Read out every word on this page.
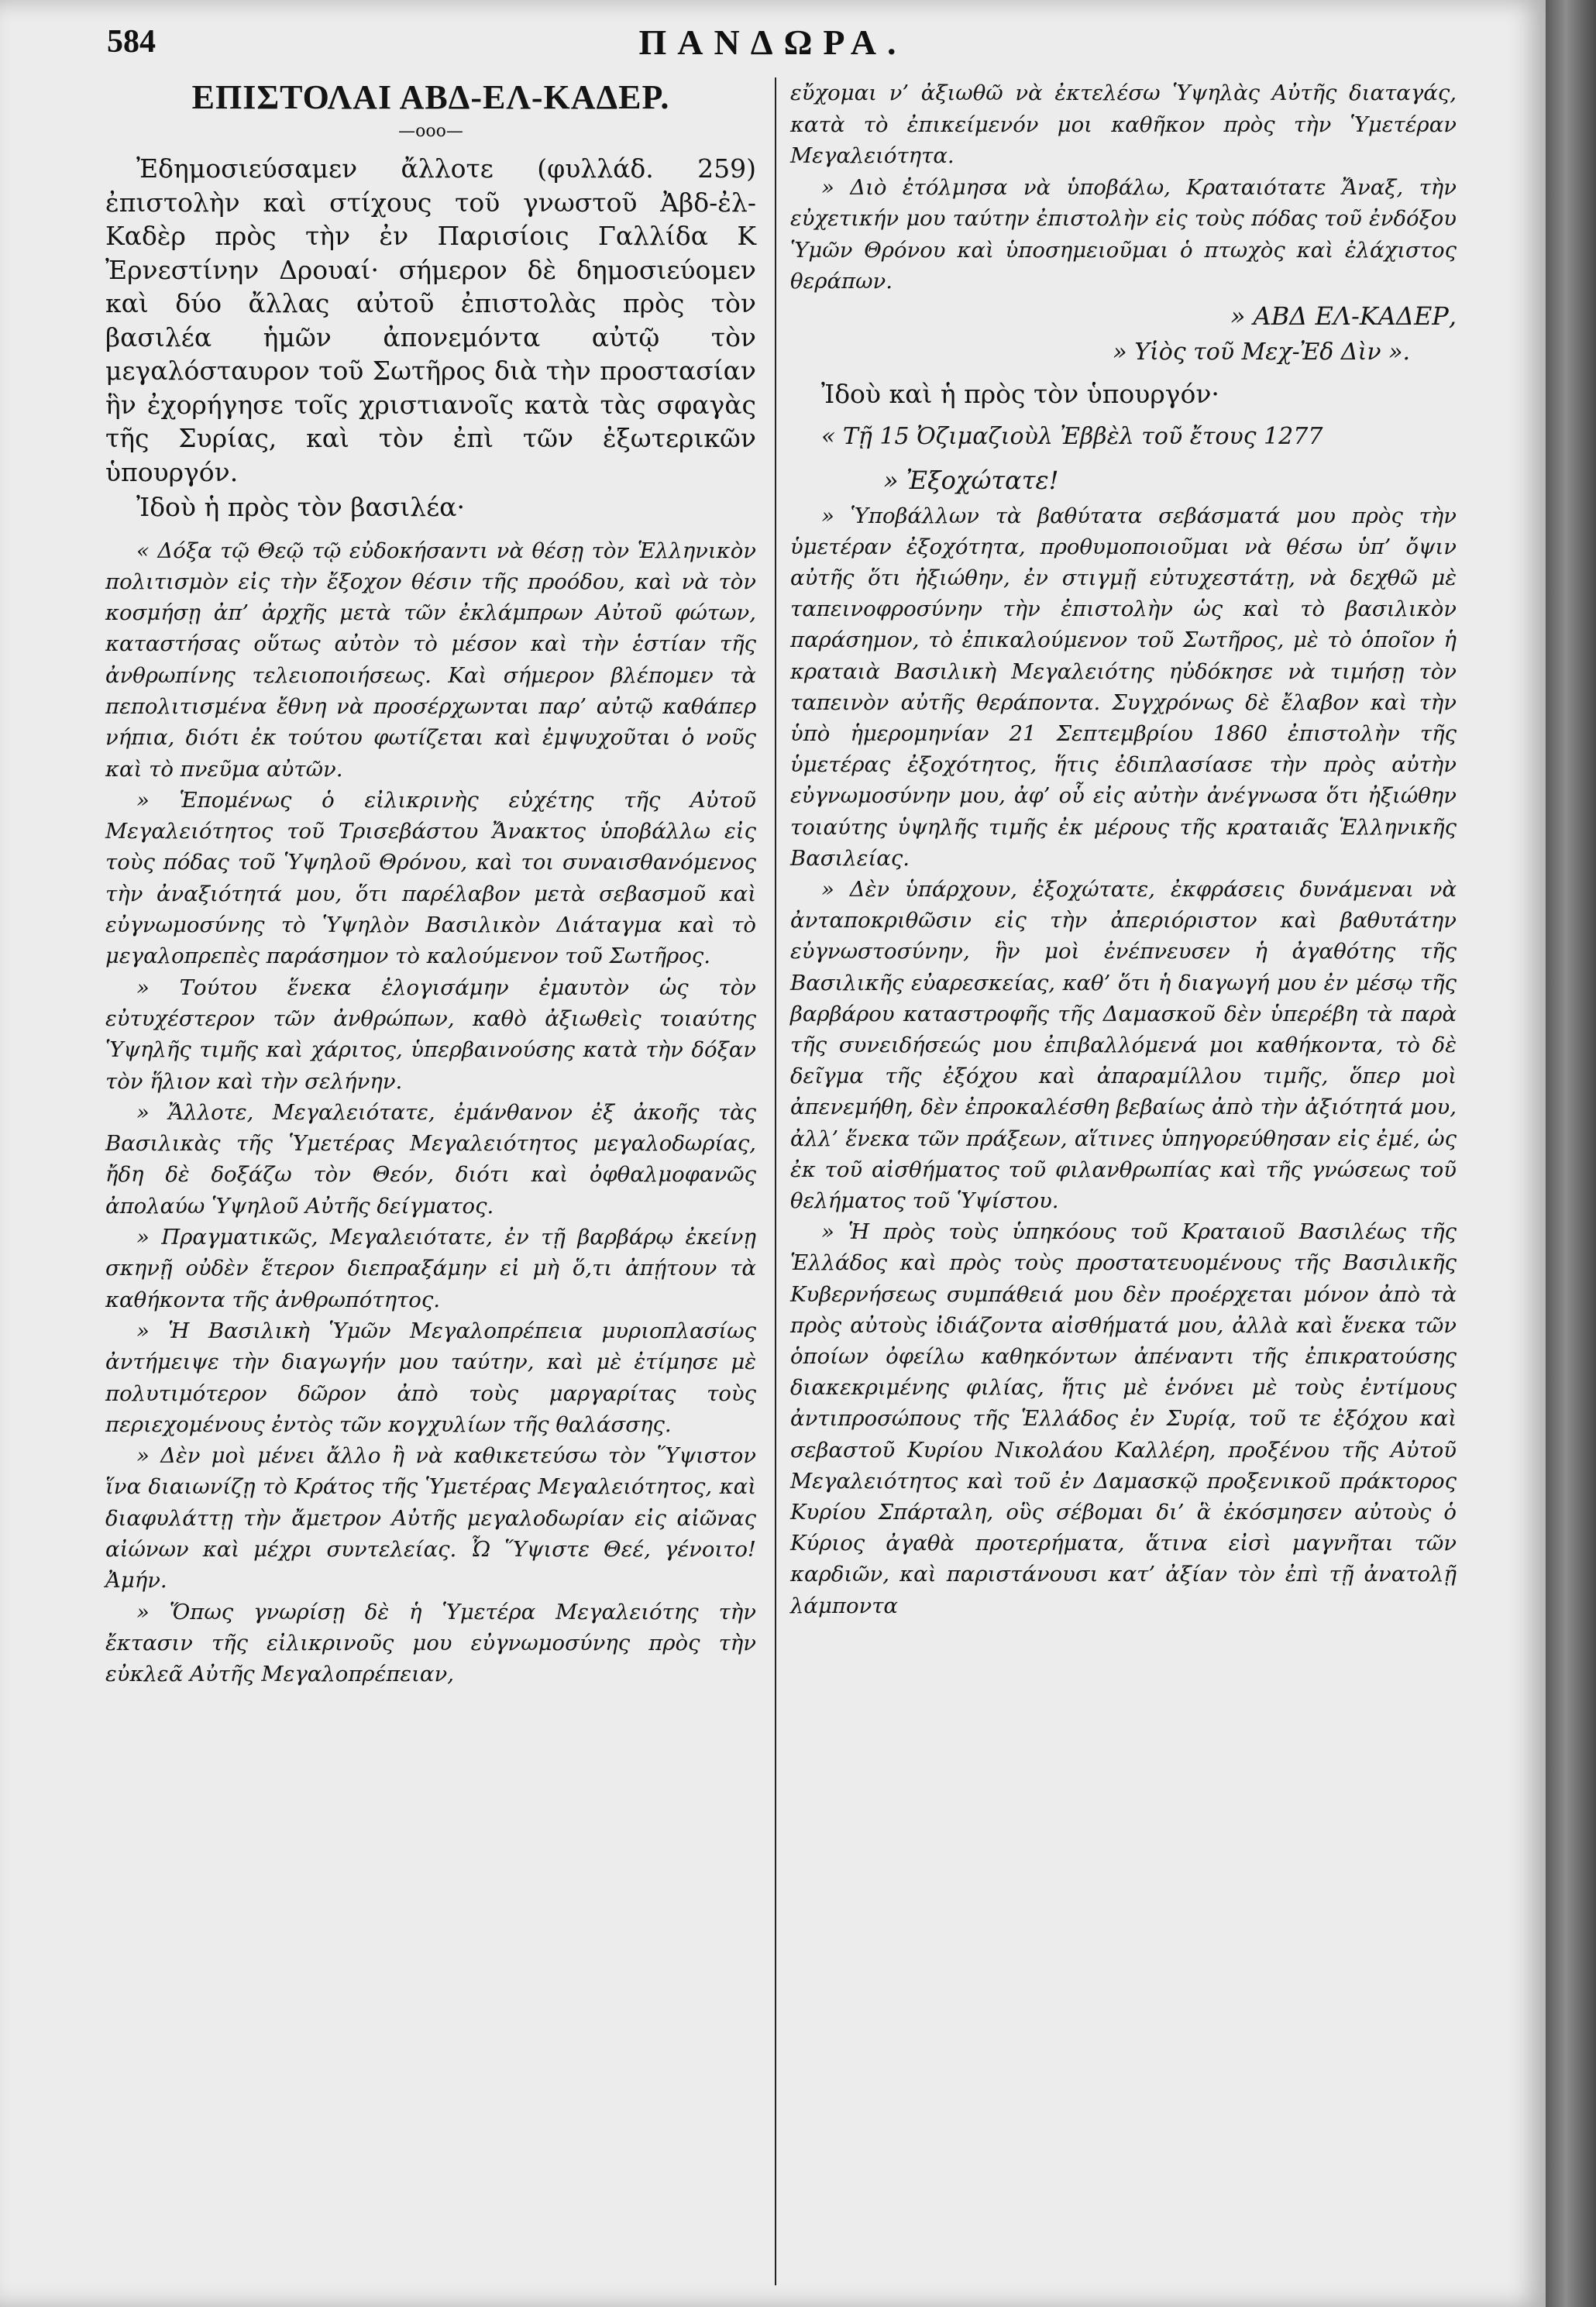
584	ΠΑΝΔΩΡΑ.
ΕΠΙΣΤΟΛΑΙ ΑΒΔ-ΕΛ-ΚΑΔΕΡ.
—οοο—

Ἐδημοσιεύσαμεν ἄλλοτε (φυλλάδ. 259) ἐπιστολὴν καὶ στίχους τοῦ γνωστοῦ Ἀβδ-ἐλ-Καδὲρ πρὸς τὴν ἐν Παρισίοις Γαλλίδα Κ Ἐρνεστίνην Δρουαί· σήμερον δὲ δημοσιεύομεν καὶ δύο ἄλλας αὐτοῦ ἐπιστολὰς πρὸς τὸν βασιλέα ἡμῶν ἀπονεμόντα αὐτῷ τὸν μεγαλόσταυρον τοῦ Σωτῆρος διὰ τὴν προστασίαν ἣν ἐχορήγησε τοῖς χριστιανοῖς κατὰ τὰς σφαγὰς τῆς Συρίας, καὶ τὸν ἐπὶ τῶν ἐξωτερικῶν ὑπουργόν.

Ἰδοὺ ἡ πρὸς τὸν βασιλέα·

« Δόξα τῷ Θεῷ τῷ εὐδοκήσαντι νὰ θέσῃ τὸν Ἑλληνικὸν πολιτισμὸν εἰς τὴν ἔξοχον θέσιν τῆς προόδου, καὶ νὰ τὸν κοσμήσῃ ἀπ’ ἀρχῆς μετὰ τῶν ἐκλάμπρων Αὐτοῦ φώτων, καταστήσας οὕτως αὐτὸν τὸ μέσον καὶ τὴν ἑστίαν τῆς ἀνθρωπίνης τελειοποιήσεως. Καὶ σήμερον βλέπομεν τὰ πεπολιτισμένα ἔθνη νὰ προσέρχωνται παρ’ αὐτῷ καθάπερ νήπια, διότι ἐκ τούτου φωτίζεται καὶ ἐμψυχοῦται ὁ νοῦς καὶ τὸ πνεῦμα αὐτῶν.

» Ἑπομένως ὁ εἰλικρινὴς εὐχέτης τῆς Αὐτοῦ Μεγαλειότητος τοῦ Τρισεβάστου Ἄνακτος ὑποβάλλω εἰς τοὺς πόδας τοῦ Ὑψηλοῦ Θρόνου, καὶ τοι συναισθανόμενος τὴν ἀναξιότητά μου, ὅτι παρέλαβον μετὰ σεβασμοῦ καὶ εὐγνωμοσύνης τὸ Ὑψηλὸν Βασιλικὸν Διάταγμα καὶ τὸ μεγαλοπρεπὲς παράσημον τὸ καλούμενον τοῦ Σωτῆρος.

» Τούτου ἕνεκα ἐλογισάμην ἐμαυτὸν ὡς τὸν εὐτυχέστερον τῶν ἀνθρώπων, καθὸ ἀξιωθεὶς τοιαύτης Ὑψηλῆς τιμῆς καὶ χάριτος, ὑπερβαινούσης κατὰ τὴν δόξαν τὸν ἥλιον καὶ τὴν σελήνην.

» Ἄλλοτε, Μεγαλειότατε, ἐμάνθανον ἐξ ἀκοῆς τὰς Βασιλικὰς τῆς Ὑμετέρας Μεγαλειότητος μεγαλοδωρίας, ἤδη δὲ δοξάζω τὸν Θεόν, διότι καὶ ὀφθαλμοφανῶς ἀπολαύω Ὑψηλοῦ Αὐτῆς δείγματος.

» Πραγματικῶς, Μεγαλειότατε, ἐν τῇ βαρβάρῳ ἐκείνῃ σκηνῇ οὐδὲν ἕτερον διεπραξάμην εἰ μὴ ὅ,τι ἀπῄτουν τὰ καθήκοντα τῆς ἀνθρωπότητος.

» Ἡ Βασιλικὴ Ὑμῶν Μεγαλοπρέπεια μυριοπλασίως ἀντήμειψε τὴν διαγωγήν μου ταύτην, καὶ μὲ ἐτίμησε μὲ πολυτιμότερον δῶρον ἀπὸ τοὺς μαργαρίτας τοὺς περιεχομένους ἐντὸς τῶν κογχυλίων τῆς θαλάσσης.

» Δὲν μοὶ μένει ἄλλο ἢ νὰ καθικετεύσω τὸν Ὕψιστον ἵνα διαιωνίζῃ τὸ Κράτος τῆς Ὑμετέρας Μεγαλειότητος, καὶ διαφυλάττῃ τὴν ἄμετρον Αὐτῆς μεγαλοδωρίαν εἰς αἰῶνας αἰώνων καὶ μέχρι συντελείας. Ὦ Ὕψιστε Θεέ, γένοιτο! Ἀμήν.

» Ὅπως γνωρίσῃ δὲ ἡ Ὑμετέρα Μεγαλειότης τὴν ἔκτασιν τῆς εἰλικρινοῦς μου εὐγνωμοσύνης πρὸς τὴν εὐκλεᾶ Αὐτῆς Μεγαλοπρέπειαν,

εὔχομαι ν’ ἀξιωθῶ νὰ ἐκτελέσω Ὑψηλὰς Αὐτῆς διαταγάς, κατὰ τὸ ἐπικείμενόν μοι καθῆκον πρὸς τὴν Ὑμετέραν Μεγαλειότητα.

» Διὸ ἐτόλμησα νὰ ὑποβάλω, Κραταιότατε Ἄναξ, τὴν εὐχετικήν μου ταύτην ἐπιστολὴν εἰς τοὺς πόδας τοῦ ἐνδόξου Ὑμῶν Θρόνου καὶ ὑποσημειοῦμαι ὁ πτωχὸς καὶ ἐλάχιστος θεράπων.

» ΑΒΔ ΕΛ-ΚΑΔΕΡ,
» Υἱὸς τοῦ Μεχ-Ἐδ Δὶν ».

Ἰδοὺ καὶ ἡ πρὸς τὸν ὑπουργόν·

« Τῇ 15 Ὀζιμαζιοὺλ Ἐββὲλ τοῦ ἔτους 1277

» Ἐξοχώτατε!

» Ὑποβάλλων τὰ βαθύτατα σεβάσματά μου πρὸς τὴν ὑμετέραν ἐξοχότητα, προθυμοποιοῦμαι νὰ θέσω ὑπ’ ὄψιν αὐτῆς ὅτι ἠξιώθην, ἐν στιγμῇ εὐτυχεστάτῃ, νὰ δεχθῶ μὲ ταπεινοφροσύνην τὴν ἐπιστολὴν ὡς καὶ τὸ βασιλικὸν παράσημον, τὸ ἐπικαλούμενον τοῦ Σωτῆρος, μὲ τὸ ὁποῖον ἡ κραταιὰ Βασιλικὴ Μεγαλειότης ηὐδόκησε νὰ τιμήσῃ τὸν ταπεινὸν αὐτῆς θεράποντα. Συγχρόνως δὲ ἔλαβον καὶ τὴν ὑπὸ ἡμερομηνίαν 21 Σεπτεμβρίου 1860 ἐπιστολὴν τῆς ὑμετέρας ἐξοχότητος, ἥτις ἐδιπλασίασε τὴν πρὸς αὐτὴν εὐγνωμοσύνην μου, ἀφ’ οὗ εἰς αὐτὴν ἀνέγνωσα ὅτι ἠξιώθην τοιαύτης ὑψηλῆς τιμῆς ἐκ μέρους τῆς κραταιᾶς Ἑλληνικῆς Βασιλείας.

» Δὲν ὑπάρχουν, ἐξοχώτατε, ἐκφράσεις δυνάμεναι νὰ ἀνταποκριθῶσιν εἰς τὴν ἀπεριόριστον καὶ βαθυτάτην εὐγνωστοσύνην, ἣν μοὶ ἐνέπνευσεν ἡ ἀγαθότης τῆς Βασιλικῆς εὐαρεσκείας, καθ’ ὅτι ἡ διαγωγή μου ἐν μέσῳ τῆς βαρβάρου καταστροφῆς τῆς Δαμασκοῦ δὲν ὑπερέβη τὰ παρὰ τῆς συνειδήσεώς μου ἐπιβαλλόμενά μοι καθήκοντα, τὸ δὲ δεῖγμα τῆς ἐξόχου καὶ ἀπαραμίλλου τιμῆς, ὅπερ μοὶ ἀπενεμήθη, δὲν ἐπροκαλέσθη βεβαίως ἀπὸ τὴν ἀξιότητά μου, ἀλλ’ ἕνεκα τῶν πράξεων, αἵτινες ὑπηγορεύθησαν εἰς ἐμέ, ὡς ἐκ τοῦ αἰσθήματος τοῦ φιλανθρωπίας καὶ τῆς γνώσεως τοῦ θελήματος τοῦ Ὑψίστου.

» Ἡ πρὸς τοὺς ὑπηκόους τοῦ Κραταιοῦ Βασιλέως τῆς Ἑλλάδος καὶ πρὸς τοὺς προστατευομένους τῆς Βασιλικῆς Κυβερνήσεως συμπάθειά μου δὲν προέρχεται μόνον ἀπὸ τὰ πρὸς αὐτοὺς ἰδιάζοντα αἰσθήματά μου, ἀλλὰ καὶ ἕνεκα τῶν ὁποίων ὀφείλω καθηκόντων ἀπέναντι τῆς ἐπικρατούσης διακεκριμένης φιλίας, ἥτις μὲ ἑνόνει μὲ τοὺς ἐντίμους ἀντιπροσώπους τῆς Ἑλλάδος ἐν Συρίᾳ, τοῦ τε ἐξόχου καὶ σεβαστοῦ Κυρίου Νικολάου Καλλέρη, προξένου τῆς Αὐτοῦ Μεγαλειότητος καὶ τοῦ ἐν Δαμασκῷ προξενικοῦ πράκτορος Κυρίου Σπάρταλη, οὓς σέβομαι δι’ ἃ ἐκόσμησεν αὐτοὺς ὁ Κύριος ἀγαθὰ προτερήματα, ἅτινα εἰσὶ μαγνῆται τῶν καρδιῶν, καὶ παριστάνουσι κατ’ ἀξίαν τὸν ἐπὶ τῇ ἀνατολῇ λάμποντα
